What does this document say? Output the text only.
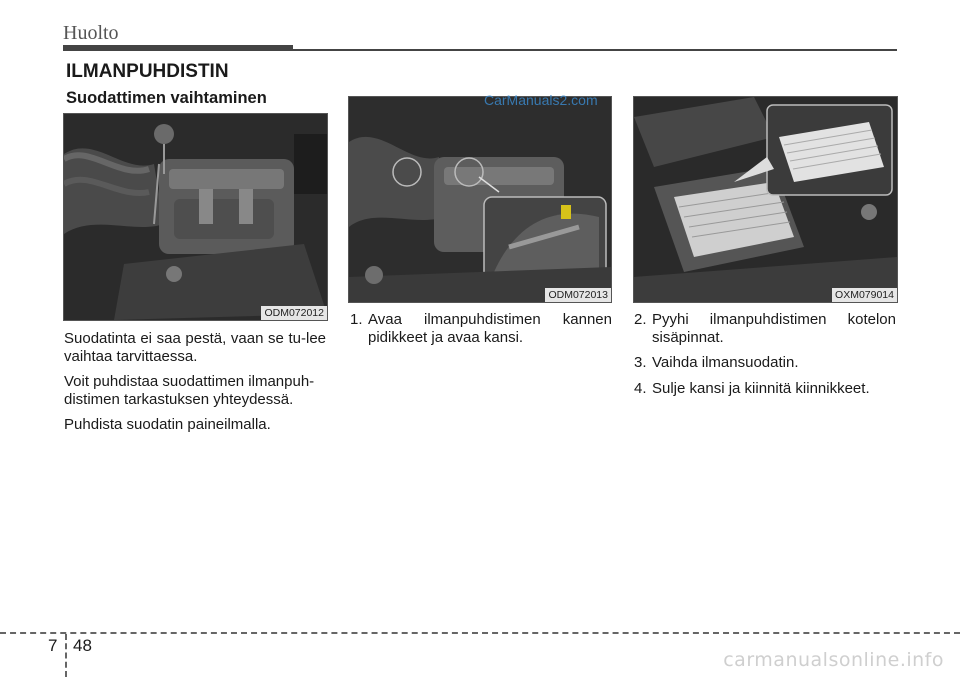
Huolto
ILMANPUHDISTIN
Suodattimen vaihtaminen
ODM072012
ODM072013
CarManuals2.com
OXM079014

Suodatinta ei saa pestä, vaan se tu-lee vaihtaa tarvittaessa.

Voit puhdistaa suodattimen ilmanpuh-distimen tarkastuksen yhteydessä.

Puhdista suodatin paineilmalla.

1. Avaa ilmanpuhdistimen kannen pidikkeet ja avaa kansi.
2. Pyyhi ilmanpuhdistimen kotelon sisäpinnat.
3. Vaihda ilmansuodatin.
4. Sulje kansi ja kiinnitä kiinnikkeet.
7 48
carmanualsonline.info
